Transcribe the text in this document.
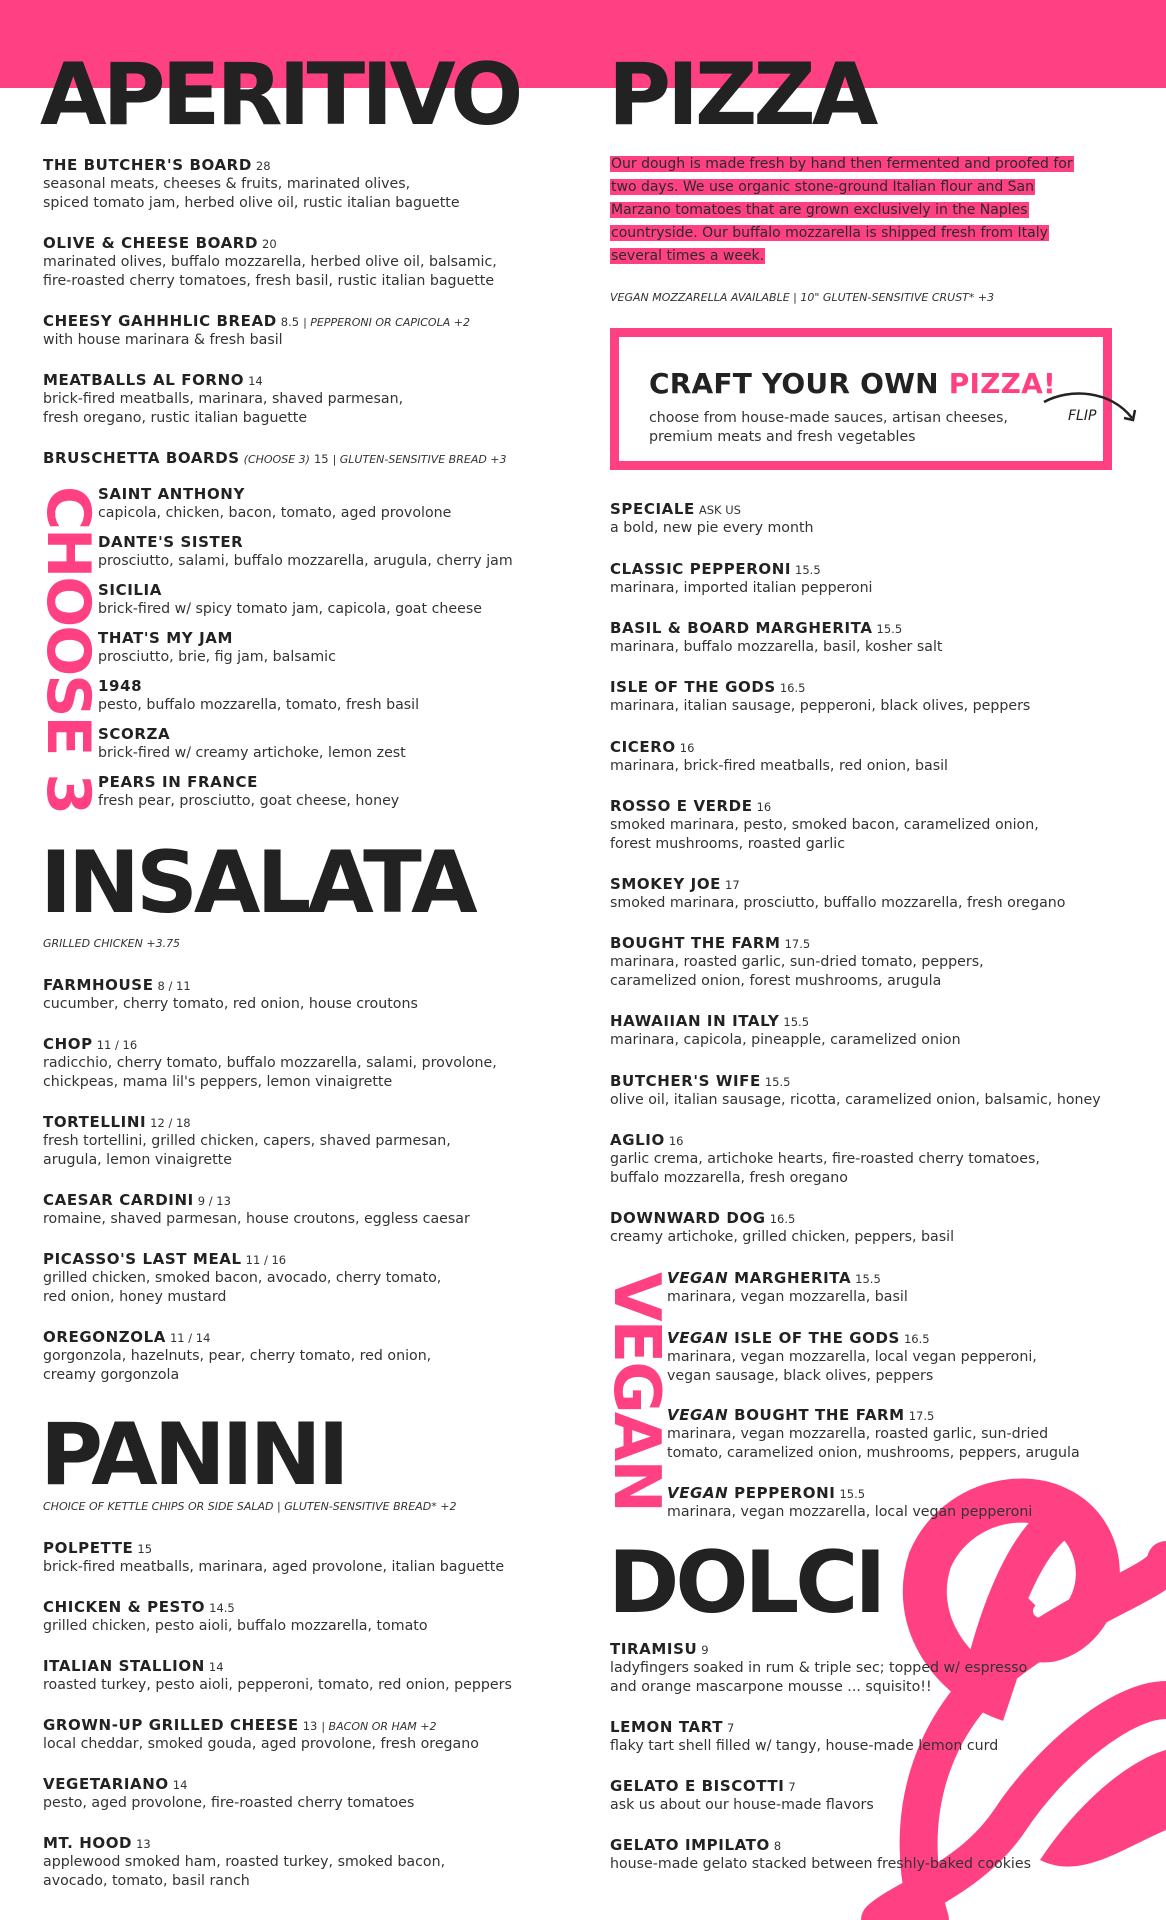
APERITIVO
CHOOSE 3
INSALATA
GRILLED CHICKEN +3.75
PANINI
CHOICE OF KETTLE CHIPS OR SIDE SALAD | GLUTEN-SENSITIVE BREAD* +2
PIZZA
Our dough is made fresh by hand then fermented and proofed for two days. We use organic stone-ground Italian flour and San Marzano tomatoes that are grown exclusively in the Naples countryside. Our buffalo mozzarella is shipped fresh from Italy several times a week.
VEGAN MOZZARELLA AVAILABLE | 10" GLUTEN-SENSITIVE CRUST* +3
CRAFT YOUR OWN PIZZA!
choose from house-made sauces, artisan cheeses, premium meats and fresh vegetables
FLIP
VEGAN
DOLCI
THE BUTCHER'S BOARD 28
seasonal meats, cheeses & fruits, marinated olives,
spiced tomato jam, herbed olive oil, rustic italian baguette
OLIVE & CHEESE BOARD 20
marinated olives, buffalo mozzarella, herbed olive oil, balsamic,
fire-roasted cherry tomatoes, fresh basil, rustic italian baguette
CHEESY GAHHHLIC BREAD 8.5 | PEPPERONI OR CAPICOLA +2
with house marinara & fresh basil
MEATBALLS AL FORNO 14
brick-fired meatballs, marinara, shaved parmesan,
fresh oregano, rustic italian baguette
BRUSCHETTA BOARDS (CHOOSE 3) 15 | GLUTEN-SENSITIVE BREAD +3
SAINT ANTHONY
capicola, chicken, bacon, tomato, aged provolone
DANTE'S SISTER
prosciutto, salami, buffalo mozzarella, arugula, cherry jam
SICILIA
brick-fired w/ spicy tomato jam, capicola, goat cheese
THAT'S MY JAM
prosciutto, brie, fig jam, balsamic
1948
pesto, buffalo mozzarella, tomato, fresh basil
SCORZA
brick-fired w/ creamy artichoke, lemon zest
PEARS IN FRANCE
fresh pear, prosciutto, goat cheese, honey
FARMHOUSE 8 / 11
cucumber, cherry tomato, red onion, house croutons
CHOP 11 / 16
radicchio, cherry tomato, buffalo mozzarella, salami, provolone,
chickpeas, mama lil's peppers, lemon vinaigrette
TORTELLINI 12 / 18
fresh tortellini, grilled chicken, capers, shaved parmesan,
arugula, lemon vinaigrette
CAESAR CARDINI 9 / 13
romaine, shaved parmesan, house croutons, eggless caesar
PICASSO'S LAST MEAL 11 / 16
grilled chicken, smoked bacon, avocado, cherry tomato,
red onion, honey mustard
OREGONZOLA 11 / 14
gorgonzola, hazelnuts, pear, cherry tomato, red onion,
creamy gorgonzola
POLPETTE 15
brick-fired meatballs, marinara, aged provolone, italian baguette
CHICKEN & PESTO 14.5
grilled chicken, pesto aioli, buffalo mozzarella, tomato
ITALIAN STALLION 14
roasted turkey, pesto aioli, pepperoni, tomato, red onion, peppers
GROWN-UP GRILLED CHEESE 13 | BACON OR HAM +2
local cheddar, smoked gouda, aged provolone, fresh oregano
VEGETARIANO 14
pesto, aged provolone, fire-roasted cherry tomatoes
MT. HOOD 13
applewood smoked ham, roasted turkey, smoked bacon,
avocado, tomato, basil ranch
SPECIALE ASK US
a bold, new pie every month
CLASSIC PEPPERONI 15.5
marinara, imported italian pepperoni
BASIL & BOARD MARGHERITA 15.5
marinara, buffalo mozzarella, basil, kosher salt
ISLE OF THE GODS 16.5
marinara, italian sausage, pepperoni, black olives, peppers
CICERO 16
marinara, brick-fired meatballs, red onion, basil
ROSSO E VERDE 16
smoked marinara, pesto, smoked bacon, caramelized onion,
forest mushrooms, roasted garlic
SMOKEY JOE 17
smoked marinara, prosciutto, buffallo mozzarella, fresh oregano
BOUGHT THE FARM 17.5
marinara, roasted garlic, sun-dried tomato, peppers,
caramelized onion, forest mushrooms, arugula
HAWAIIAN IN ITALY 15.5
marinara, capicola, pineapple, caramelized onion
BUTCHER'S WIFE 15.5
olive oil, italian sausage, ricotta, caramelized onion, balsamic, honey
AGLIO 16
garlic crema, artichoke hearts, fire-roasted cherry tomatoes,
buffalo mozzarella, fresh oregano
DOWNWARD DOG 16.5
creamy artichoke, grilled chicken, peppers, basil
VEGAN MARGHERITA 15.5
marinara, vegan mozzarella, basil
VEGAN ISLE OF THE GODS 16.5
marinara, vegan mozzarella, local vegan pepperoni,
vegan sausage, black olives, peppers
VEGAN BOUGHT THE FARM 17.5
marinara, vegan mozzarella, roasted garlic, sun-dried
tomato, caramelized onion, mushrooms, peppers, arugula
VEGAN PEPPERONI 15.5
marinara, vegan mozzarella, local vegan pepperoni
TIRAMISU 9
ladyfingers soaked in rum & triple sec; topped w/ espresso
and orange mascarpone mousse ... squisito!!
LEMON TART 7
flaky tart shell filled w/ tangy, house-made lemon curd
GELATO E BISCOTTI 7
ask us about our house-made flavors
GELATO IMPILATO 8
house-made gelato stacked between freshly-baked cookies
